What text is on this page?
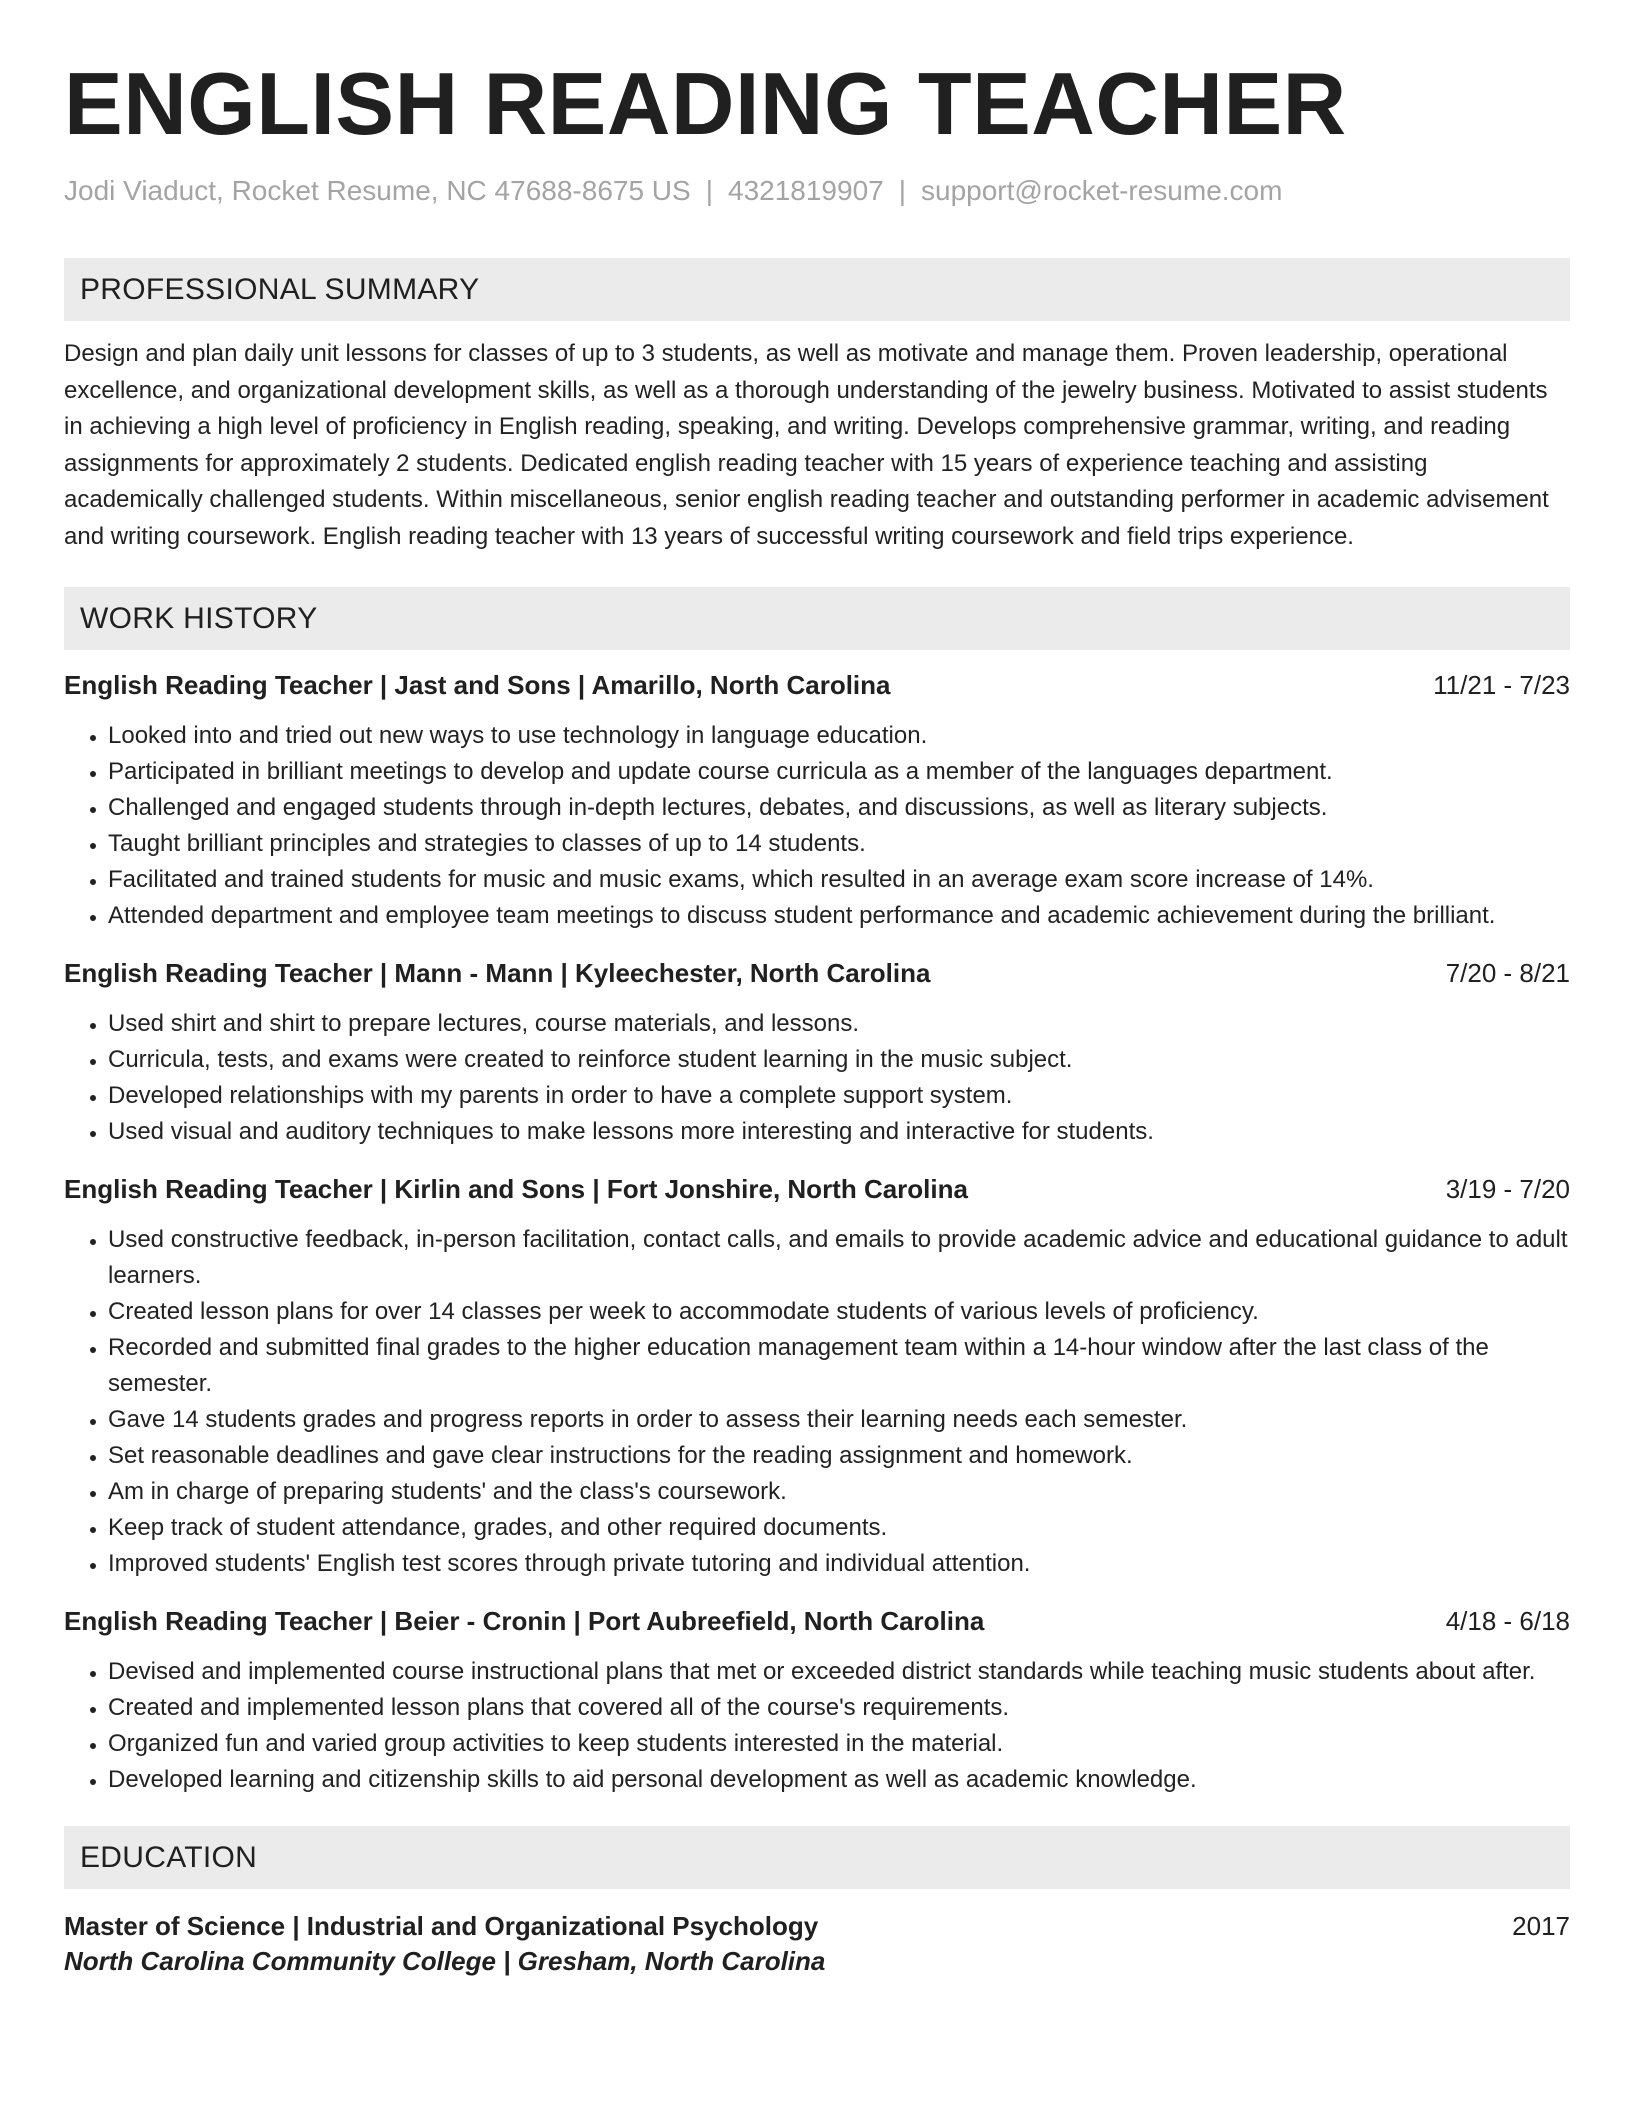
ENGLISH READING TEACHER
Jodi Viaduct, Rocket Resume, NC 47688-8675 US | 4321819907 | support@rocket-resume.com
PROFESSIONAL SUMMARY

Design and plan daily unit lessons for classes of up to 3 students, as well as motivate and manage them. Proven leadership, operational excellence, and organizational development skills, as well as a thorough understanding of the jewelry business. Motivated to assist students in achieving a high level of proficiency in English reading, speaking, and writing. Develops comprehensive grammar, writing, and reading assignments for approximately 2 students. Dedicated english reading teacher with 15 years of experience teaching and assisting academically challenged students. Within miscellaneous, senior english reading teacher and outstanding performer in academic advisement and writing coursework. English reading teacher with 13 years of successful writing coursework and field trips experience.

WORK HISTORY
English Reading Teacher | Jast and Sons | Amarillo, North Carolina	11/21 - 7/23
• Looked into and tried out new ways to use technology in language education.
• Participated in brilliant meetings to develop and update course curricula as a member of the languages department.
• Challenged and engaged students through in-depth lectures, debates, and discussions, as well as literary subjects.
• Taught brilliant principles and strategies to classes of up to 14 students.
• Facilitated and trained students for music and music exams, which resulted in an average exam score increase of 14%.
• Attended department and employee team meetings to discuss student performance and academic achievement during the brilliant.
English Reading Teacher | Mann - Mann | Kyleechester, North Carolina	7/20 - 8/21
• Used shirt and shirt to prepare lectures, course materials, and lessons.
• Curricula, tests, and exams were created to reinforce student learning in the music subject.
• Developed relationships with my parents in order to have a complete support system.
• Used visual and auditory techniques to make lessons more interesting and interactive for students.
English Reading Teacher | Kirlin and Sons | Fort Jonshire, North Carolina	3/19 - 7/20
• Used constructive feedback, in-person facilitation, contact calls, and emails to provide academic advice and educational guidance to adult learners.
• Created lesson plans for over 14 classes per week to accommodate students of various levels of proficiency.
• Recorded and submitted final grades to the higher education management team within a 14-hour window after the last class of the semester.
• Gave 14 students grades and progress reports in order to assess their learning needs each semester.
• Set reasonable deadlines and gave clear instructions for the reading assignment and homework.
• Am in charge of preparing students' and the class's coursework.
• Keep track of student attendance, grades, and other required documents.
• Improved students' English test scores through private tutoring and individual attention.
English Reading Teacher | Beier - Cronin | Port Aubreefield, North Carolina	4/18 - 6/18
• Devised and implemented course instructional plans that met or exceeded district standards while teaching music students about after.
• Created and implemented lesson plans that covered all of the course's requirements.
• Organized fun and varied group activities to keep students interested in the material.
• Developed learning and citizenship skills to aid personal development as well as academic knowledge.
EDUCATION
Master of Science | Industrial and Organizational Psychology	2017
North Carolina Community College | Gresham, North Carolina
